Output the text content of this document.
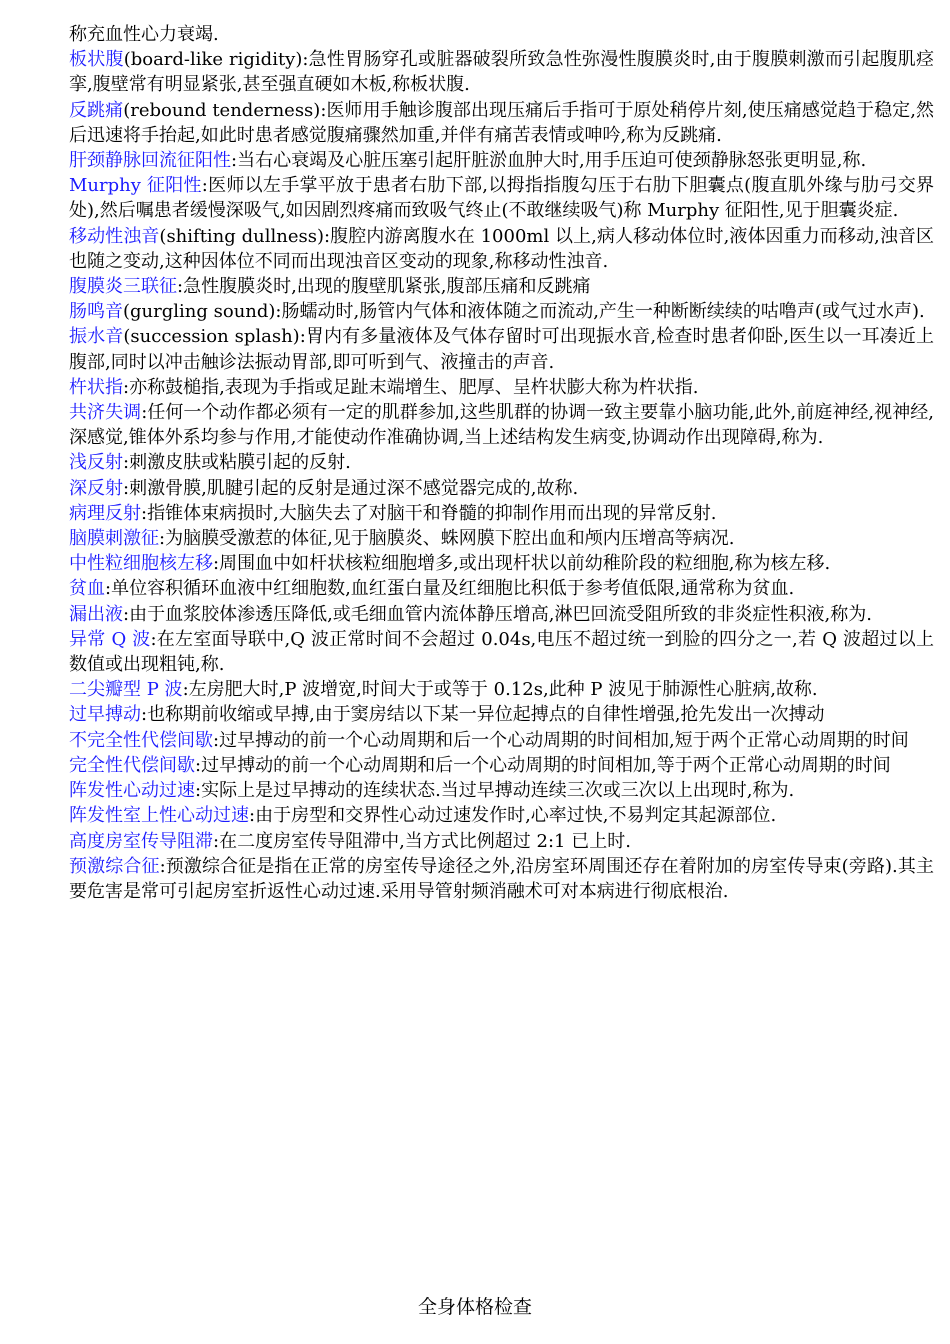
称充血性心力衰竭.

板状腹(board-like rigidity):急性胃肠穿孔或脏器破裂所致急性弥漫性腹膜炎时,由于腹膜刺激而引起腹肌痉挛,腹壁常有明显紧张,甚至强直硬如木板,称板状腹.

反跳痛(rebound tenderness):医师用手触诊腹部出现压痛后手指可于原处稍停片刻,使压痛感觉趋于稳定,然后迅速将手抬起,如此时患者感觉腹痛骤然加重,并伴有痛苦表情或呻吟,称为反跳痛.

肝颈静脉回流征阳性:当右心衰竭及心脏压塞引起肝脏淤血肿大时,用手压迫可使颈静脉怒张更明显,称.

Murphy 征阳性:医师以左手掌平放于患者右肋下部,以拇指指腹勾压于右肋下胆囊点(腹直肌外缘与肋弓交界处),然后嘱患者缓慢深吸气,如因剧烈疼痛而致吸气终止(不敢继续吸气)称 Murphy 征阳性,见于胆囊炎症.

移动性浊音(shifting dullness):腹腔内游离腹水在 1000ml 以上,病人移动体位时,液体因重力而移动,浊音区也随之变动,这种因体位不同而出现浊音区变动的现象,称移动性浊音.

腹膜炎三联征:急性腹膜炎时,出现的腹壁肌紧张,腹部压痛和反跳痛

肠鸣音(gurgling sound):肠蠕动时,肠管内气体和液体随之而流动,产生一种断断续续的咕噜声(或气过水声).

振水音(succession splash):胃内有多量液体及气体存留时可出现振水音,检查时患者仰卧,医生以一耳凑近上腹部,同时以冲击触诊法振动胃部,即可听到气、液撞击的声音.

杵状指:亦称鼓槌指,表现为手指或足趾末端增生、肥厚、呈杵状膨大称为杵状指.

共济失调:任何一个动作都必须有一定的肌群参加,这些肌群的协调一致主要靠小脑功能,此外,前庭神经,视神经,深感觉,锥体外系均参与作用,才能使动作准确协调,当上述结构发生病变,协调动作出现障碍,称为.

浅反射:刺激皮肤或粘膜引起的反射.

深反射:刺激骨膜,肌腱引起的反射是通过深不感觉器完成的,故称.

病理反射:指锥体束病损时,大脑失去了对脑干和脊髓的抑制作用而出现的异常反射.

脑膜刺激征:为脑膜受激惹的体征,见于脑膜炎、蛛网膜下腔出血和颅内压增高等病况.

中性粒细胞核左移:周围血中如杆状核粒细胞增多,或出现杆状以前幼稚阶段的粒细胞,称为核左移.

贫血:单位容积循环血液中红细胞数,血红蛋白量及红细胞比积低于参考值低限,通常称为贫血.

漏出液:由于血浆胶体渗透压降低,或毛细血管内流体静压增高,淋巴回流受阻所致的非炎症性积液,称为.

异常 Q 波:在左室面导联中,Q 波正常时间不会超过 0.04s,电压不超过统一到脸的四分之一,若 Q 波超过以上数值或出现粗钝,称.

二尖瓣型 P 波:左房肥大时,P 波增宽,时间大于或等于 0.12s,此种 P 波见于肺源性心脏病,故称.

过早搏动:也称期前收缩或早搏,由于窦房结以下某一异位起搏点的自律性增强,抢先发出一次搏动

不完全性代偿间歇:过早搏动的前一个心动周期和后一个心动周期的时间相加,短于两个正常心动周期的时间

完全性代偿间歇:过早搏动的前一个心动周期和后一个心动周期的时间相加,等于两个正常心动周期的时间

阵发性心动过速:实际上是过早搏动的连续状态.当过早搏动连续三次或三次以上出现时,称为.

阵发性室上性心动过速:由于房型和交界性心动过速发作时,心率过快,不易判定其起源部位.

高度房室传导阻滞:在二度房室传导阻滞中,当方式比例超过 2:1 已上时.

预激综合征:预激综合征是指在正常的房室传导途径之外,沿房室环周围还存在着附加的房室传导束(旁路).其主要危害是常可引起房室折返性心动过速.采用导管射频消融术可对本病进行彻底根治.

全身体格检查
